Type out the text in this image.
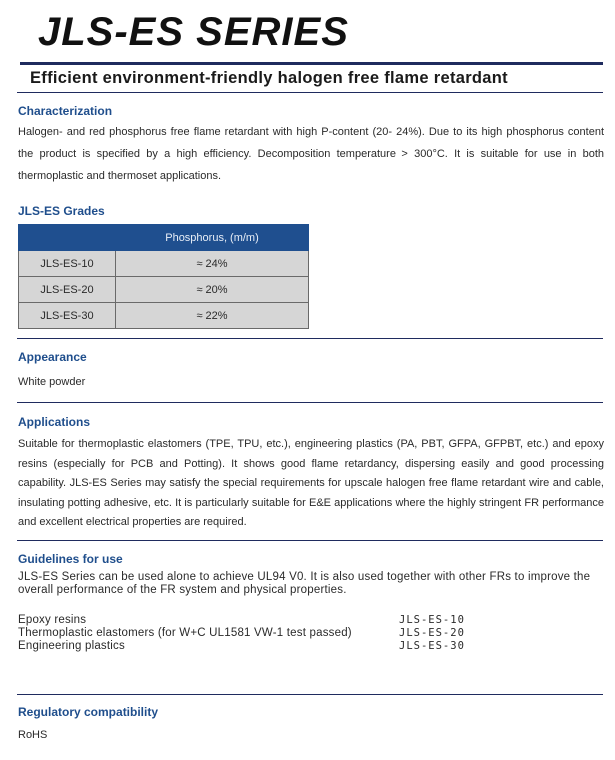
JLS-ES SERIES
Efficient environment-friendly halogen free flame retardant
Characterization
Halogen- and red phosphorus free flame retardant with high P-content (20- 24%). Due to its high phosphorus content the product is specified by a high efficiency. Decomposition temperature > 300°C. It is suitable for use in both thermoplastic and thermoset applications.
JLS-ES Grades
	Phosphorus, (m/m)
JLS-ES-10	≈ 24%
JLS-ES-20	≈ 20%
JLS-ES-30	≈ 22%
Appearance
White powder
Applications
Suitable for thermoplastic elastomers (TPE, TPU, etc.), engineering plastics (PA, PBT, GFPA, GFPBT, etc.) and epoxy resins (especially for PCB and Potting). It shows good flame retardancy, dispersing easily and good processing capability. JLS-ES Series may satisfy the special requirements for upscale halogen free flame retardant wire and cable, insulating potting adhesive, etc. It is particularly suitable for E&E applications where the highly stringent FR performance and excellent electrical properties are required.
Guidelines for use
JLS-ES Series can be used alone to achieve UL94 V0. It is also used together with other FRs to improve the overall performance of the FR system and physical properties.
Epoxy resins	JLS-ES-10
Thermoplastic elastomers (for W+C UL1581 VW-1 test passed)	JLS-ES-20
Engineering plastics	JLS-ES-30
Regulatory compatibility
RoHS
